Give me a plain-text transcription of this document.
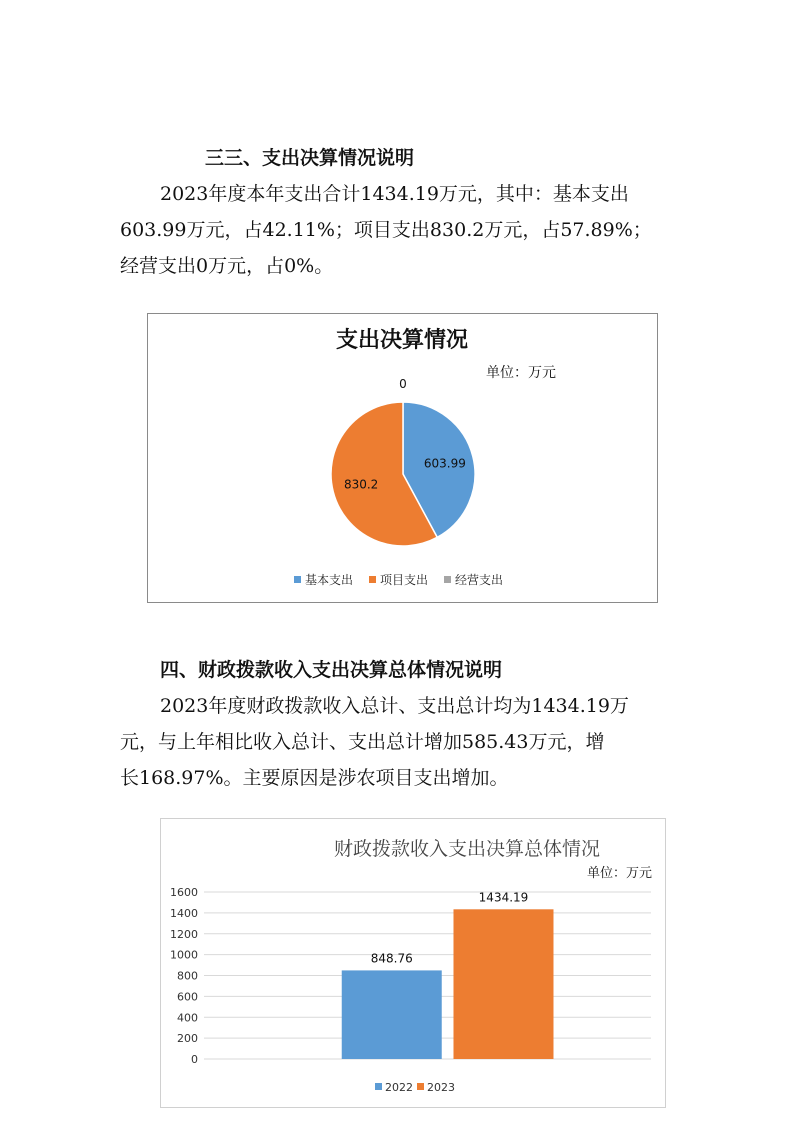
三三、支出决算情况说明
2023年度本年支出合计1434.19万元，其中：基本支出
603.99万元，占42.11%；项目支出830.2万元，占57.89%；
经营支出0万元，占0%。
支出决算情况
单位：万元
603.99
830.2
0
基本支出 项目支出 经营支出
四、财政拨款收入支出决算总体情况说明
2023年度财政拨款收入总计、支出总计均为1434.19万
元，与上年相比收入总计、支出总计增加585.43万元，增
长168.97%。主要原因是涉农项目支出增加。
财政拨款收入支出决算总体情况
单位：万元
0
200
400
600
800
1000
1200
1400
1600
848.76
1434.19
2022 2023
